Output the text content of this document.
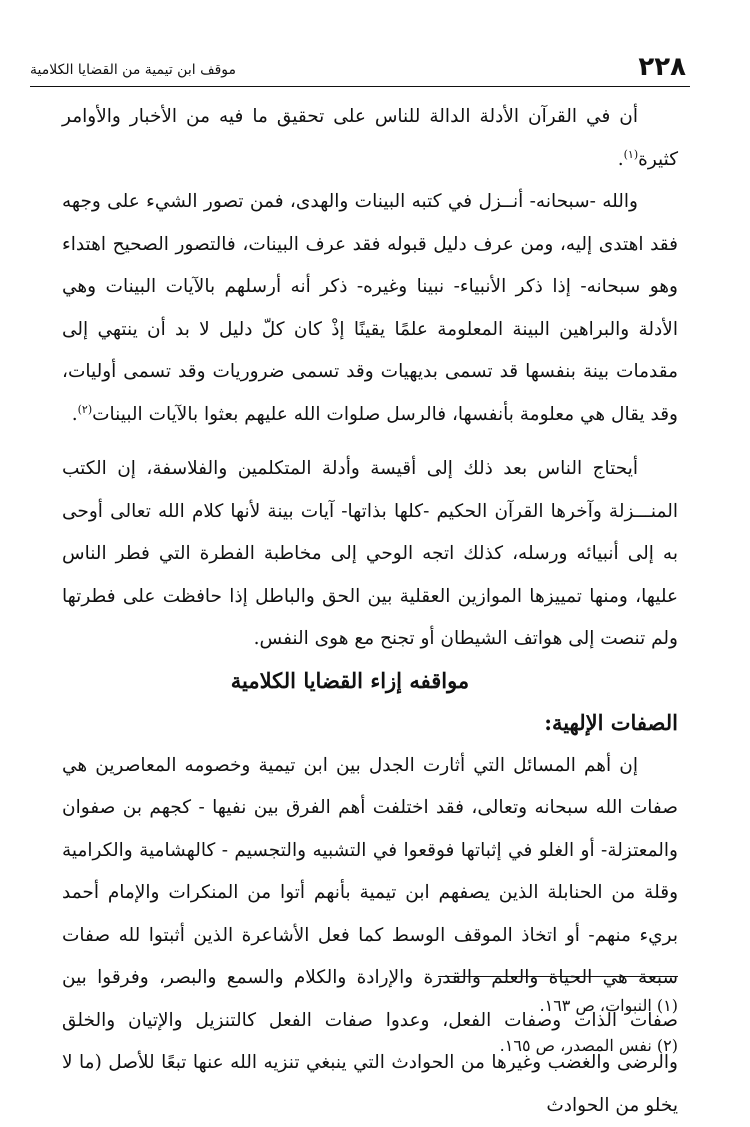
٢٢٨
موقف ابن تيمية من القضايا الكلامية

أن في القرآن الأدلة الدالة للناس على تحقيق ما فيه من الأخبار والأوامر كثيرة$^{(١)}$.

والله -سبحانه- أنــزل في كتبه البينات والهدى، فمن تصور الشيء على وجهه فقد اهتدى إليه، ومن عرف دليل قبوله فقد عرف البينات، فالتصور الصحيح اهتداء وهو سبحانه- إذا ذكر الأنبياء- نبينا وغيره- ذكر أنه أرسلهم بالآيات البينات وهي الأدلة والبراهين البينة المعلومة علمًا يقينًا إذْ كان كلّ دليل لا بد أن ينتهي إلى مقدمات بينة بنفسها قد تسمى بديهيات وقد تسمى ضروريات وقد تسمى أوليات، وقد يقال هي معلومة بأنفسها، فالرسل صلوات الله عليهم بعثوا بالآيات البينات$^{(٢)}$.

أيحتاج الناس بعد ذلك إلى أقيسة وأدلة المتكلمين والفلاسفة، إن الكتب المنـــزلة وآخرها القرآن الحكيم -كلها بذاتها- آيات بينة لأنها كلام الله تعالى أوحى به إلى أنبيائه ورسله، كذلك اتجه الوحي إلى مخاطبة الفطرة التي فطر الناس عليها، ومنها تمييزها الموازين العقلية بين الحق والباطل إذا حافظت على فطرتها ولم تنصت إلى هواتف الشيطان أو تجنح مع هوى النفس.

مواقفه إزاء القضايا الكلامية

الصفات الإلهية:

إن أهم المسائل التي أثارت الجدل بين ابن تيمية وخصومه المعاصرين هي صفات الله سبحانه وتعالى، فقد اختلفت أهم الفرق بين نفيها - كجهم بن صفوان والمعتزلة- أو الغلو في إثباتها فوقعوا في التشبيه والتجسيم - كالهشامية والكرامية وقلة من الحنابلة الذين يصفهم ابن تيمية بأنهم أتوا من المنكرات والإمام أحمد بريء منهم- أو اتخاذ الموقف الوسط كما فعل الأشاعرة الذين أثبتوا لله صفات سبعة هي الحياة والعلم والقدرة والإرادة والكلام والسمع والبصر، وفرقوا بين صفات الذات وصفات الفعل، وعدوا صفات الفعل كالتنزيل والإتيان والخلق والرضى والغضب وغيرها من الحوادث التي ينبغي تنزيه الله عنها تبعًا للأصل (ما لا يخلو من الحوادث

(١) النبوات، ص ١٦٣.

(٢) نفس المصدر، ص ١٦٥.
